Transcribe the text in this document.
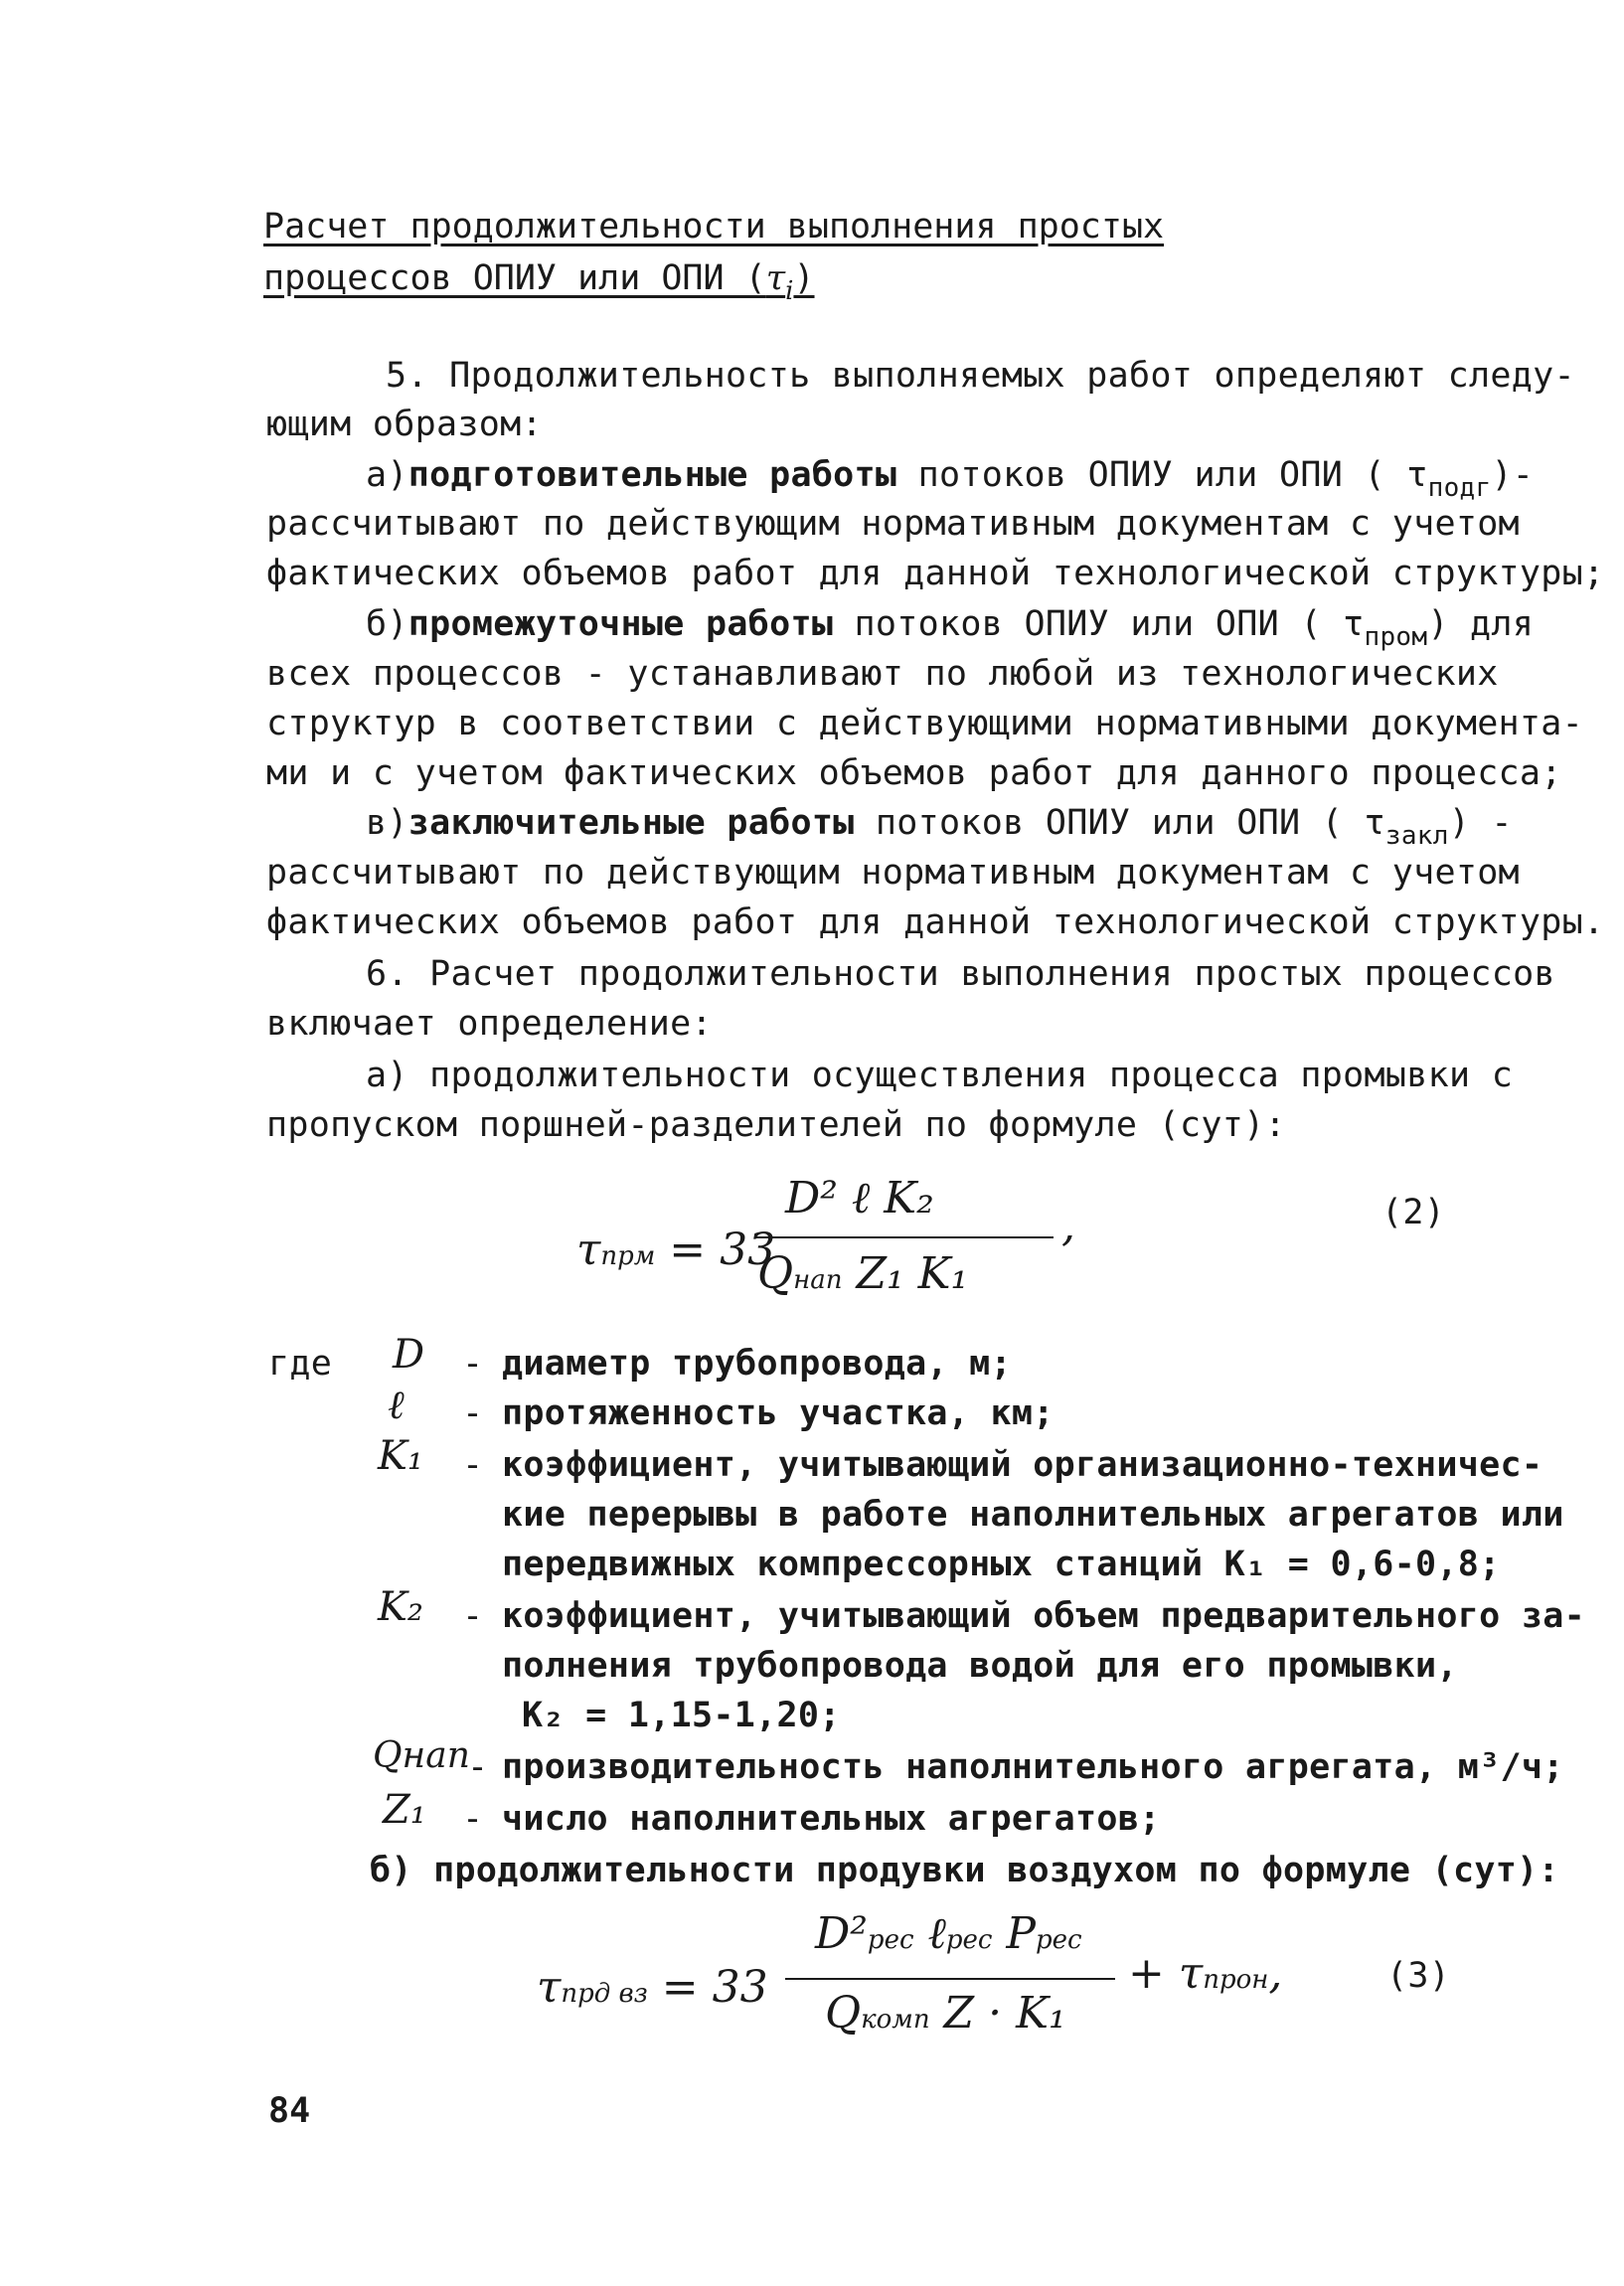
Расчет продолжительности выполнения простых
процессов ОПИУ или ОПИ $(\tau_i)$
5. Продолжительность выполняемых работ определяют следу-
ющим образом:
а)подготовительные работы потоков ОПИУ или ОПИ ( $\tau_{подг})-$
рассчитывают по действующим нормативным документам с учетом
фактических объемов работ для данной технологической структуры;
б)промежуточные работы потоков ОПИУ или ОПИ ( $\tau_{пром}$) для
всех процессов - устанавливают по любой из технологических
структур в соответствии с действующими нормативными документа-
ми и с учетом фактических объемов работ для данного процесса;
в)заключительные работы потоков ОПИУ или ОПИ ( $\tau_{закл}$) -
рассчитывают по действующим нормативным документам с учетом
фактических объемов работ для данной технологической структуры.
6. Расчет продолжительности выполнения простых процессов
включает определение:
а) продолжительности осуществления процесса промывки с
пропуском поршней-разделителей по формуле (сут):
τпрм = 33
D² ℓ K₂
Qнап Z₁ K₁
,	(2)
где D - диаметр трубопровода, м;
ℓ - протяженность участка, км;
K₁ - коэффициент, учитывающий организационно-техничес-
кие перерывы в работе наполнительных агрегатов или
передвижных компрессорных станций K₁ = 0,6-0,8;
K₂ - коэффициент, учитывающий объем предварительного за-
полнения трубопровода водой для его промывки,
K₂ = 1,15-1,20;
Qнап
- производительность наполнительного агрегата, м³/ч;
Z₁ - число наполнительных агрегатов;
б) продолжительности продувки воздухом по формуле (сут):
τпрд вз = 33
D²рес ℓрес Pрес
Qкомп Z · K₁
+ τпрон,	(3)
84
